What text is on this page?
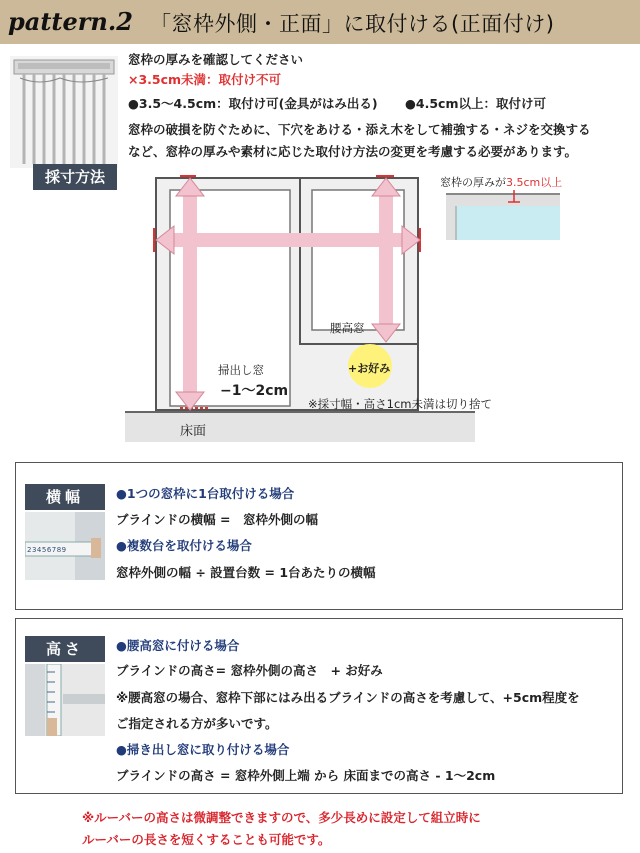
pattern.2 「窓枠外側・正面」に取付ける(正面付け)
窓枠の厚みを確認してください
×3.5cm未満：取付け不可
●3.5～4.5cm：取付け可(金具がはみ出る) ●4.5cm以上：取付け可
窓枠の破損を防ぐために、下穴をあける・添え木をして補強する・ネジを交換する
など、窓枠の厚みや素材に応じた取付け方法の変更を考慮する必要があります。
採寸方法
腰高窓
+お好み
掃出し窓
−1～2cm
※採寸幅・高さ1cm未満は切り捨て
床面
窓枠の厚みが3.5cm以上
横幅
23456789
●1つの窓枠に1台取付ける場合
ブラインドの横幅 =　窓枠外側の幅
●複数台を取付ける場合
窓枠外側の幅 ÷ 設置台数 = 1台あたりの横幅
高さ	●腰高窓に付ける場合
ブラインドの高さ= 窓枠外側の高さ　+ お好み
※腰高窓の場合、窓枠下部にはみ出るブラインドの高さを考慮して、+5cm程度を
ご指定される方が多いです。
●掃き出し窓に取り付ける場合
ブラインドの高さ = 窓枠外側上端 から 床面までの高さ - 1～2cm
※ルーバーの高さは微調整できますので、多少長めに設定して組立時に
ルーバーの長さを短くすることも可能です。
